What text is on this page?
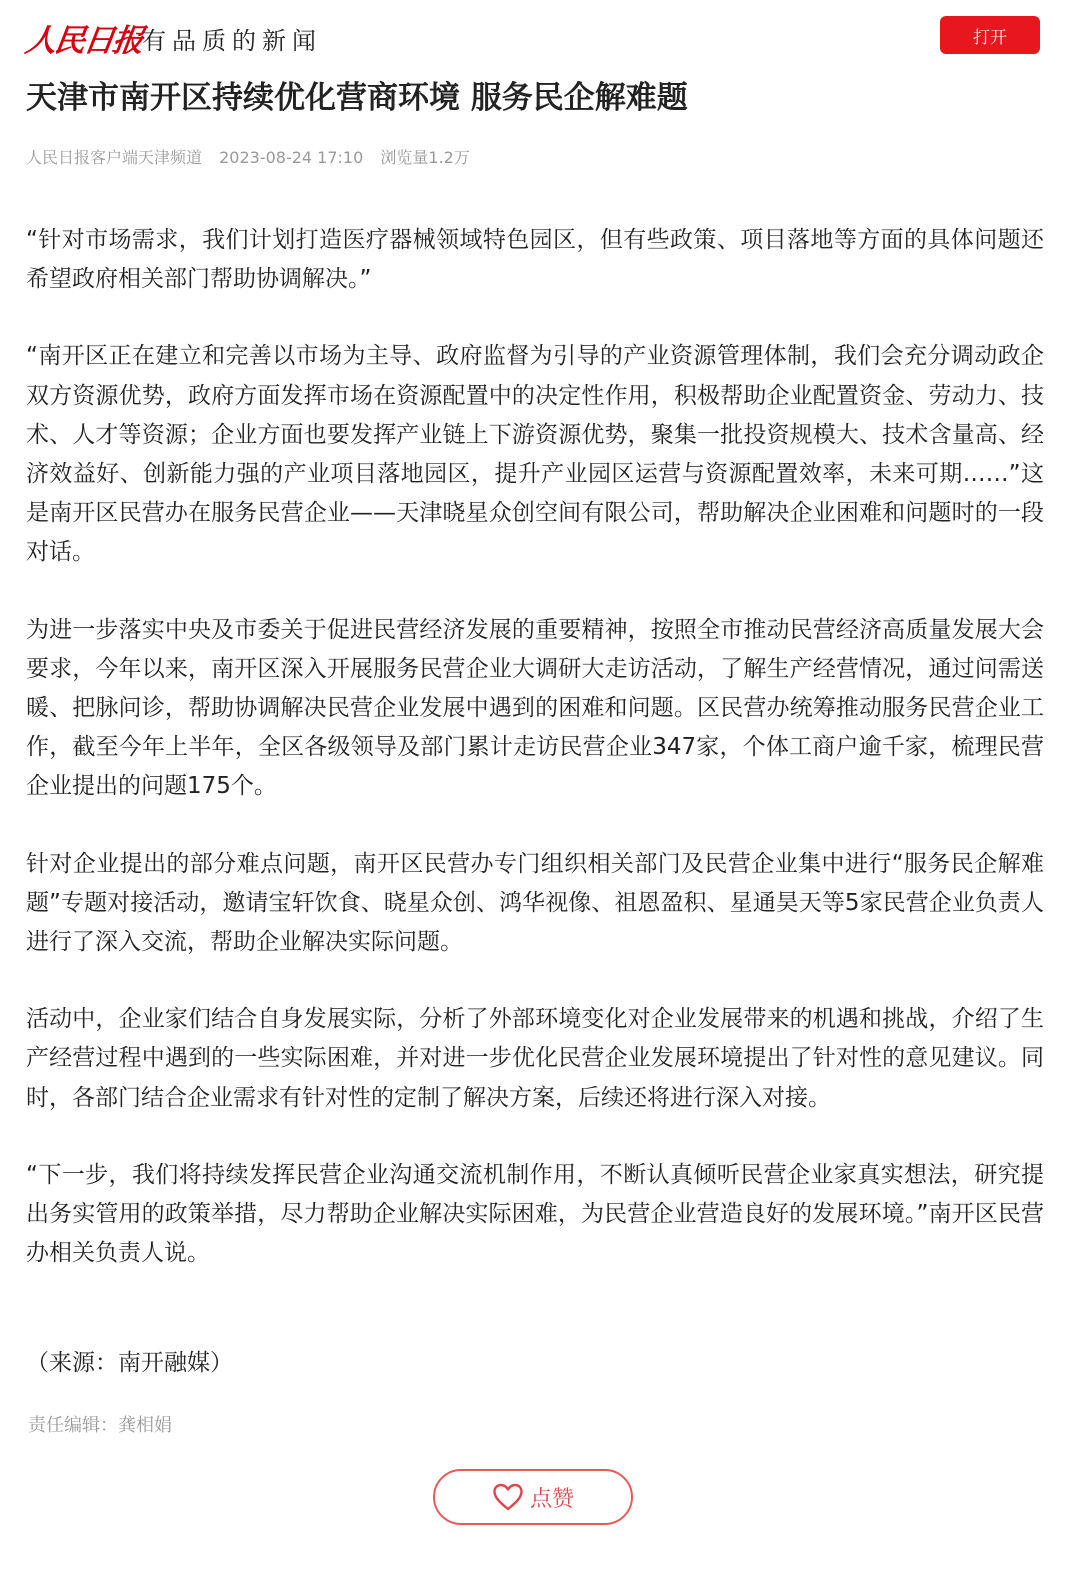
人民日报
有品质的新闻	打开
天津市南开区持续优化营商环境 服务民企解难题
人民日报客户端天津频道 2023-08-24 17:10 浏览量1.2万

“针对市场需求，我们计划打造医疗器械领域特色园区，但有些政策、项目落地等方面的具体问题还希望政府相关部门帮助协调解决。”

“南开区正在建立和完善以市场为主导、政府监督为引导的产业资源管理体制，我们会充分调动政企双方资源优势，政府方面发挥市场在资源配置中的决定性作用，积极帮助企业配置资金、劳动力、技术、人才等资源；企业方面也要发挥产业链上下游资源优势，聚集一批投资规模大、技术含量高、经济效益好、创新能力强的产业项目落地园区，提升产业园区运营与资源配置效率，未来可期……”这是南开区民营办在服务民营企业——天津晓星众创空间有限公司，帮助解决企业困难和问题时的一段对话。

为进一步落实中央及市委关于促进民营经济发展的重要精神，按照全市推动民营经济高质量发展大会要求，今年以来，南开区深入开展服务民营企业大调研大走访活动，了解生产经营情况，通过问需送暖、把脉问诊，帮助协调解决民营企业发展中遇到的困难和问题。区民营办统筹推动服务民营企业工作，截至今年上半年，全区各级领导及部门累计走访民营企业347家，个体工商户逾千家，梳理民营企业提出的问题175个。

针对企业提出的部分难点问题，南开区民营办专门组织相关部门及民营企业集中进行“服务民企解难题”专题对接活动，邀请宝轩饮食、晓星众创、鸿华视像、祖恩盈积、星通昊天等5家民营企业负责人进行了深入交流，帮助企业解决实际问题。

活动中，企业家们结合自身发展实际，分析了外部环境变化对企业发展带来的机遇和挑战，介绍了生产经营过程中遇到的一些实际困难，并对进一步优化民营企业发展环境提出了针对性的意见建议。同时，各部门结合企业需求有针对性的定制了解决方案，后续还将进行深入对接。

“下一步，我们将持续发挥民营企业沟通交流机制作用，不断认真倾听民营企业家真实想法，研究提出务实管用的政策举措，尽力帮助企业解决实际困难，为民营企业营造良好的发展环境。”南开区民营办相关负责人说。

（来源：南开融媒）
责任编辑：龚相娟
点赞
